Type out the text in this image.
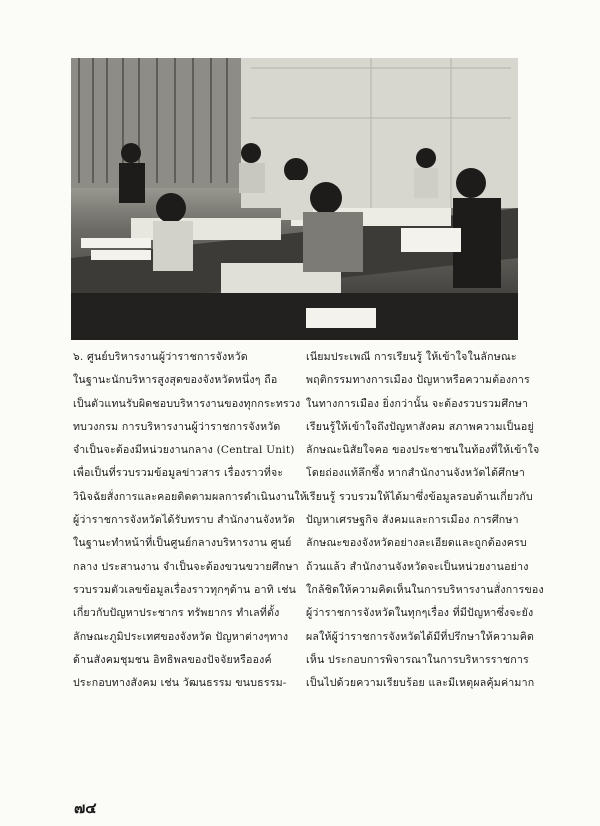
๖. ศูนย์บริหารงานผู้ว่าราชการจังหวัด
ในฐานะนักบริหารสูงสุดของจังหวัดหนึ่งๆ ถือ
เป็นตัวแทนรับผิดชอบบริหารงานของทุกกระทรวง
ทบวงกรม การบริหารงานผู้ว่าราชการจังหวัด
จำเป็นจะต้องมีหน่วยงานกลาง (Central Unit)
เพื่อเป็นที่รวบรวมข้อมูลข่าวสาร เรื่องราวที่จะ
วินิจฉัยสั่งการและคอยติดตามผลการดำเนินงานให้
ผู้ว่าราชการจังหวัดได้รับทราบ สำนักงานจังหวัด
ในฐานะทำหน้าที่เป็นศูนย์กลางบริหารงาน ศูนย์
กลาง ประสานงาน จำเป็นจะต้องขวนขวายศึกษา
รวบรวมตัวเลขข้อมูลเรื่องราวทุกๆด้าน อาทิ เช่น
เกี่ยวกับปัญหาประชากร ทรัพยากร ทำเลที่ตั้ง
ลักษณะภูมิประเทศของจังหวัด ปัญหาต่างๆทาง
ด้านสังคมชุมชน อิทธิพลของปัจจัยหรือองค์
ประกอบทางสังคม เช่น วัฒนธรรม ขนบธรรม-
เนียมประเพณี การเรียนรู้ ให้เข้าใจในลักษณะ
พฤติกรรมทางการเมือง ปัญหาหรือความต้องการ
ในทางการเมือง ยิ่งกว่านั้น จะต้องรวบรวมศึกษา
เรียนรู้ให้เข้าใจถึงปัญหาสังคม สภาพความเป็นอยู่
ลักษณะนิสัยใจคอ ของประชาชนในท้องที่ให้เข้าใจ
โดยถ่องแท้ลึกซึ้ง หากสำนักงานจังหวัดได้ศึกษา
เรียนรู้ รวบรวมให้ได้มาซึ่งข้อมูลรอบด้านเกี่ยวกับ
ปัญหาเศรษฐกิจ สังคมและการเมือง การศึกษา
ลักษณะของจังหวัดอย่างละเอียดและถูกต้องครบ
ถ้วนแล้ว สำนักงานจังหวัดจะเป็นหน่วยงานอย่าง
ใกล้ชิดให้ความคิดเห็นในการบริหารงานสั่งการของ
ผู้ว่าราชการจังหวัดในทุกๆเรื่อง ที่มีปัญหาซึ่งจะยัง
ผลให้ผู้ว่าราชการจังหวัดได้มีที่ปรึกษาให้ความคิด
เห็น ประกอบการพิจารณาในการบริหารราชการ
เป็นไปด้วยความเรียบร้อย และมีเหตุผลคุ้มค่ามาก
๗๔
